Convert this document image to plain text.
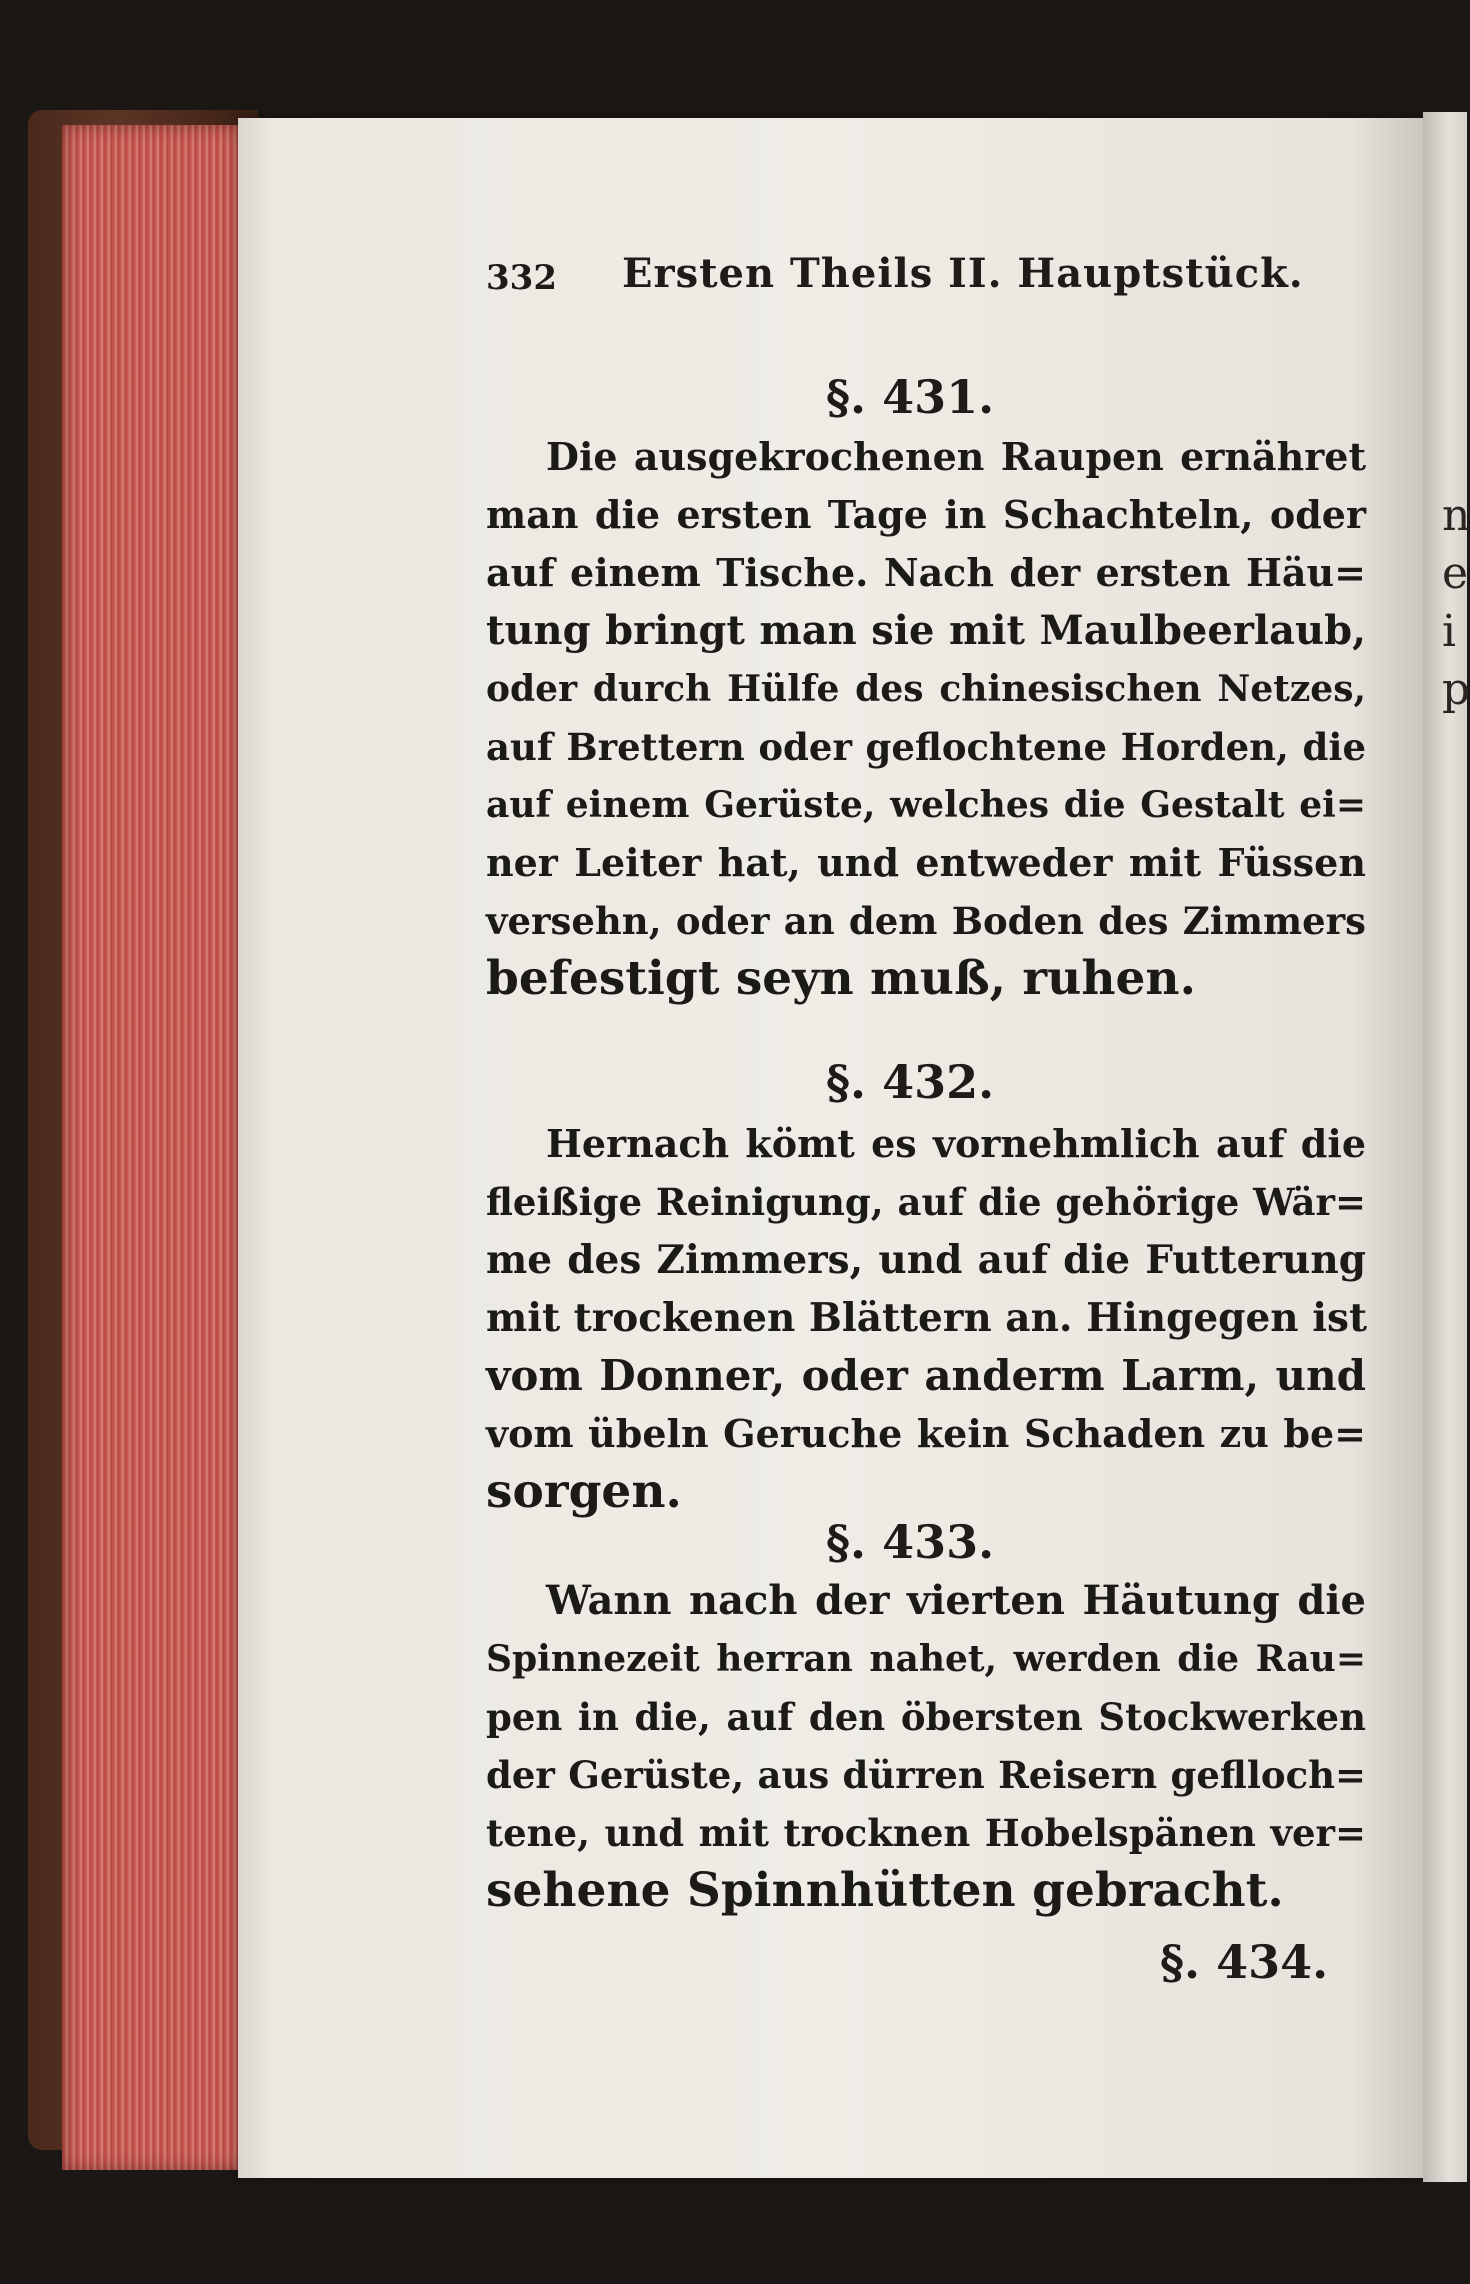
n
e
i
p
332 Ersten Theils II. Hauptstück.
§. 431.
Die ausgekrochenen Raupen ernähret
man die ersten Tage in Schachteln, oder
auf einem Tische. Nach der ersten Häu=
tung bringt man sie mit Maulbeerlaub,
oder durch Hülfe des chinesischen Netzes,
auf Brettern oder geflochtene Horden, die
auf einem Gerüste, welches die Gestalt ei=
ner Leiter hat, und entweder mit Füssen
versehn, oder an dem Boden des Zimmers
befestigt seyn muß, ruhen.
§. 432.
Hernach kömt es vornehmlich auf die
fleißige Reinigung, auf die gehörige Wär=
me des Zimmers, und auf die Futterung
mit trockenen Blättern an. Hingegen ist
vom Donner, oder anderm Larm, und
vom übeln Geruche kein Schaden zu be=
sorgen.
§. 433.
Wann nach der vierten Häutung die
Spinnezeit herran nahet, werden die Rau=
pen in die, auf den öbersten Stockwerken
der Gerüste, aus dürren Reisern geflloch=
tene, und mit trocknen Hobelspänen ver=
sehene Spinnhütten gebracht.
§. 434.
